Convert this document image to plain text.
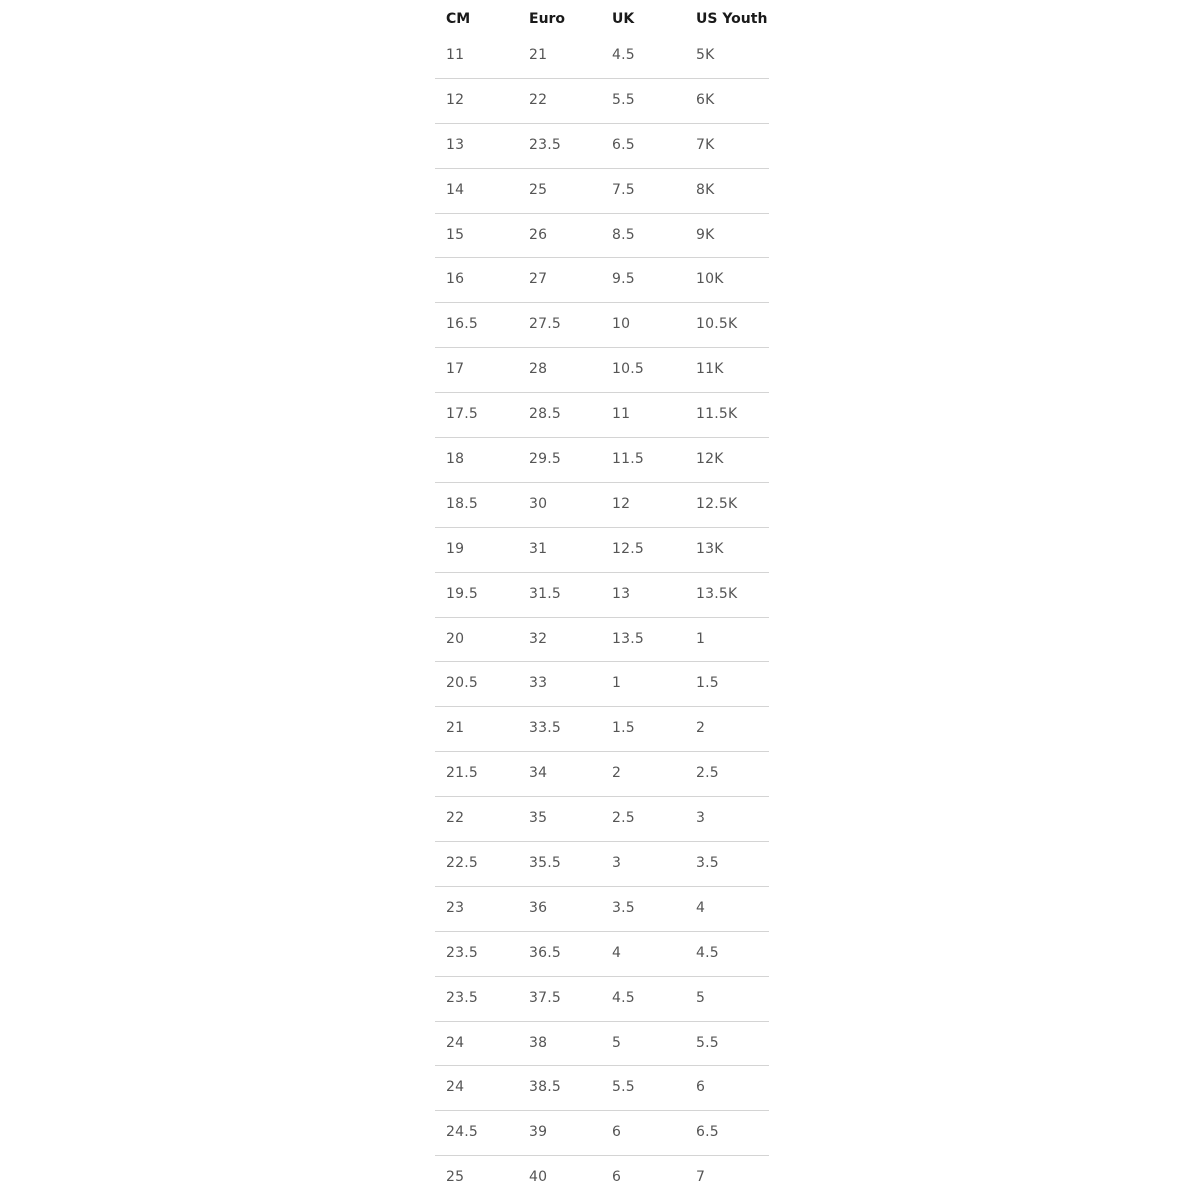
CM	Euro	UK	US Youth
11	21	4.5	5K
12	22	5.5	6K
13	23.5	6.5	7K
14	25	7.5	8K
15	26	8.5	9K
16	27	9.5	10K
16.5	27.5	10	10.5K
17	28	10.5	11K
17.5	28.5	11	11.5K
18	29.5	11.5	12K
18.5	30	12	12.5K
19	31	12.5	13K
19.5	31.5	13	13.5K
20	32	13.5	1
20.5	33	1	1.5
21	33.5	1.5	2
21.5	34	2	2.5
22	35	2.5	3
22.5	35.5	3	3.5
23	36	3.5	4
23.5	36.5	4	4.5
23.5	37.5	4.5	5
24	38	5	5.5
24	38.5	5.5	6
24.5	39	6	6.5
25	40	6	7
